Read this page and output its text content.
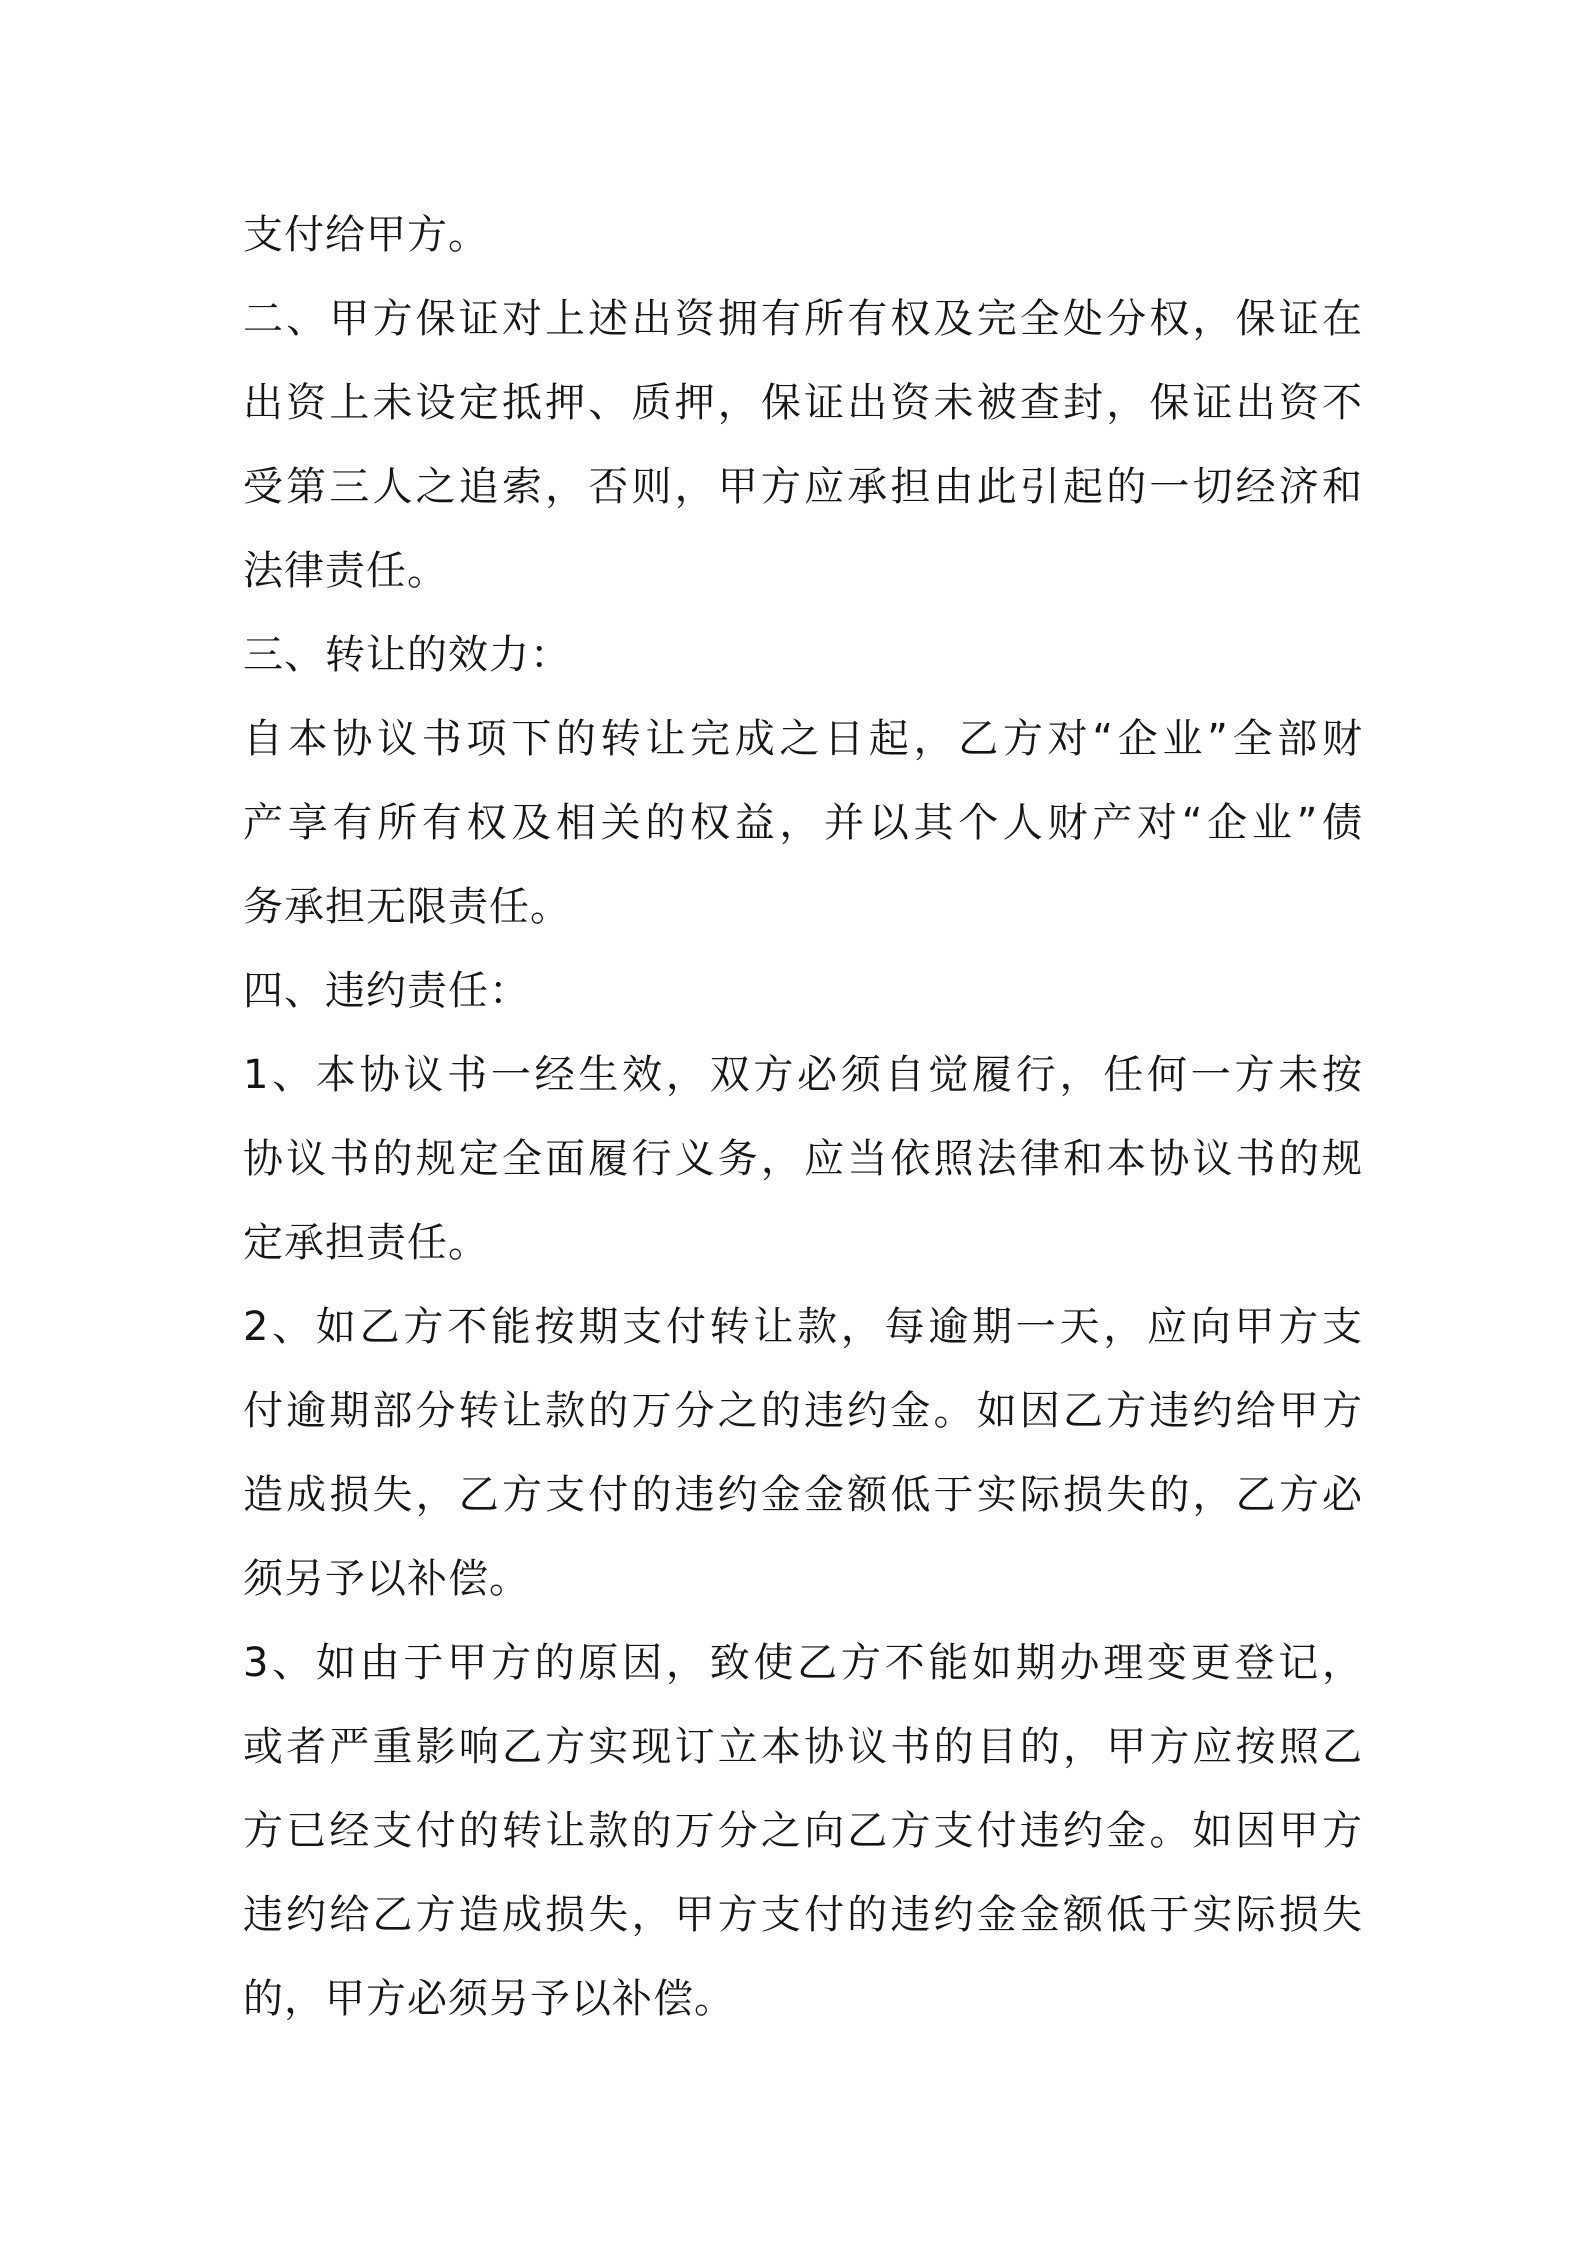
支付给甲方。
二、甲方保证对上述出资拥有所有权及完全处分权，保证在
出资上未设定抵押、质押，保证出资未被查封，保证出资不
受第三人之追索，否则，甲方应承担由此引起的一切经济和
法律责任。
三、转让的效力：
自本协议书项下的转让完成之日起，乙方对“企业”全部财
产享有所有权及相关的权益，并以其个人财产对“企业”债
务承担无限责任。
四、违约责任：
1、本协议书一经生效，双方必须自觉履行，任何一方未按
协议书的规定全面履行义务，应当依照法律和本协议书的规
定承担责任。
2、如乙方不能按期支付转让款，每逾期一天，应向甲方支
付逾期部分转让款的万分之的违约金。如因乙方违约给甲方
造成损失，乙方支付的违约金金额低于实际损失的，乙方必
须另予以补偿。
3、如由于甲方的原因，致使乙方不能如期办理变更登记，
或者严重影响乙方实现订立本协议书的目的，甲方应按照乙
方已经支付的转让款的万分之向乙方支付违约金。如因甲方
违约给乙方造成损失，甲方支付的违约金金额低于实际损失
的，甲方必须另予以补偿。
